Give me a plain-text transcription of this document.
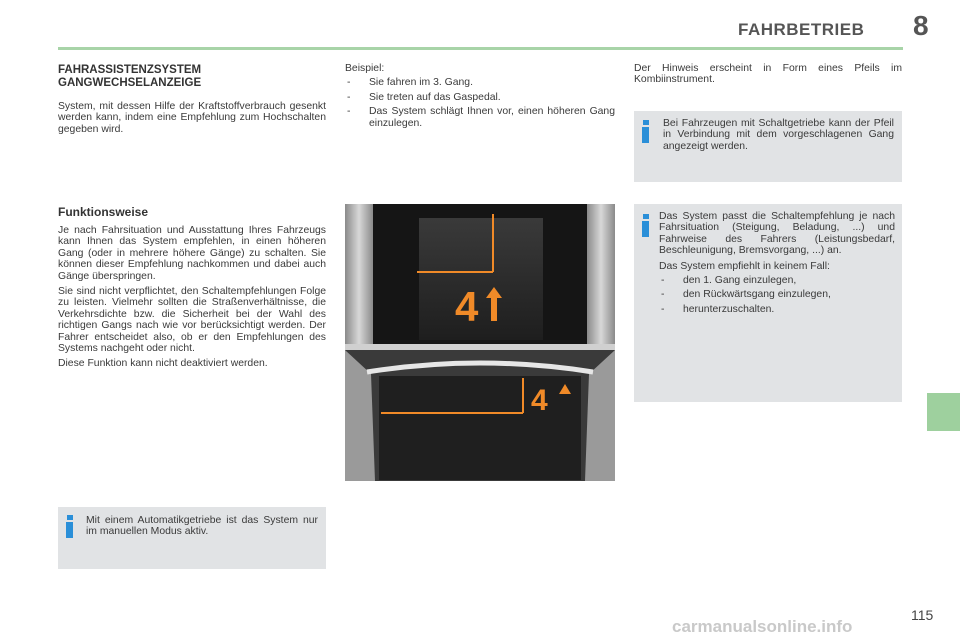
FAHRBETRIEB 8
FAHRASSISTENZSYSTEM
GANGWECHSELANZEIGE

System, mit dessen Hilfe der Kraftstoffverbrauch gesenkt werden kann, indem eine Empfehlung zum Hochschalten gegeben wird.

Funktionsweise

Je nach Fahrsituation und Ausstattung Ihres Fahrzeugs kann Ihnen das System empfehlen, in einen höheren Gang (oder in mehrere höhere Gänge) zu schalten. Sie können dieser Empfehlung nachkommen und dabei auch Gänge überspringen.

Sie sind nicht verpflichtet, den Schaltempfehlungen Folge zu leisten. Vielmehr sollten die Straßenverhältnisse, die Verkehrsdichte bzw. die Sicherheit bei der Wahl des richtigen Gangs nach wie vor berücksichtigt werden. Der Fahrer entscheidet also, ob er den Empfehlungen des Systems nachgeht oder nicht.

Diese Funktion kann nicht deaktiviert werden.

Mit einem Automatikgetriebe ist das System nur im manuellen Modus aktiv.
Beispiel:
- Sie fahren im 3. Gang.
- Sie treten auf das Gaspedal.
- Das System schlägt Ihnen vor, einen höheren Gang einzulegen.
4
4

Der Hinweis erscheint in Form eines Pfeils im Kombiinstrument.

Bei Fahrzeugen mit Schaltgetriebe kann der Pfeil in Verbindung mit dem vorgeschlagenen Gang angezeigt werden.

Das System passt die Schaltempfehlung je nach Fahrsituation (Steigung, Beladung, ...) und Fahrweise des Fahrers (Leistungsbedarf, Beschleunigung, Bremsvorgang, ...) an.

Das System empfiehlt in keinem Fall:

- den 1. Gang einzulegen,
- den Rückwärtsgang einzulegen,
- herunterzuschalten.
115
carmanualsonline.info
